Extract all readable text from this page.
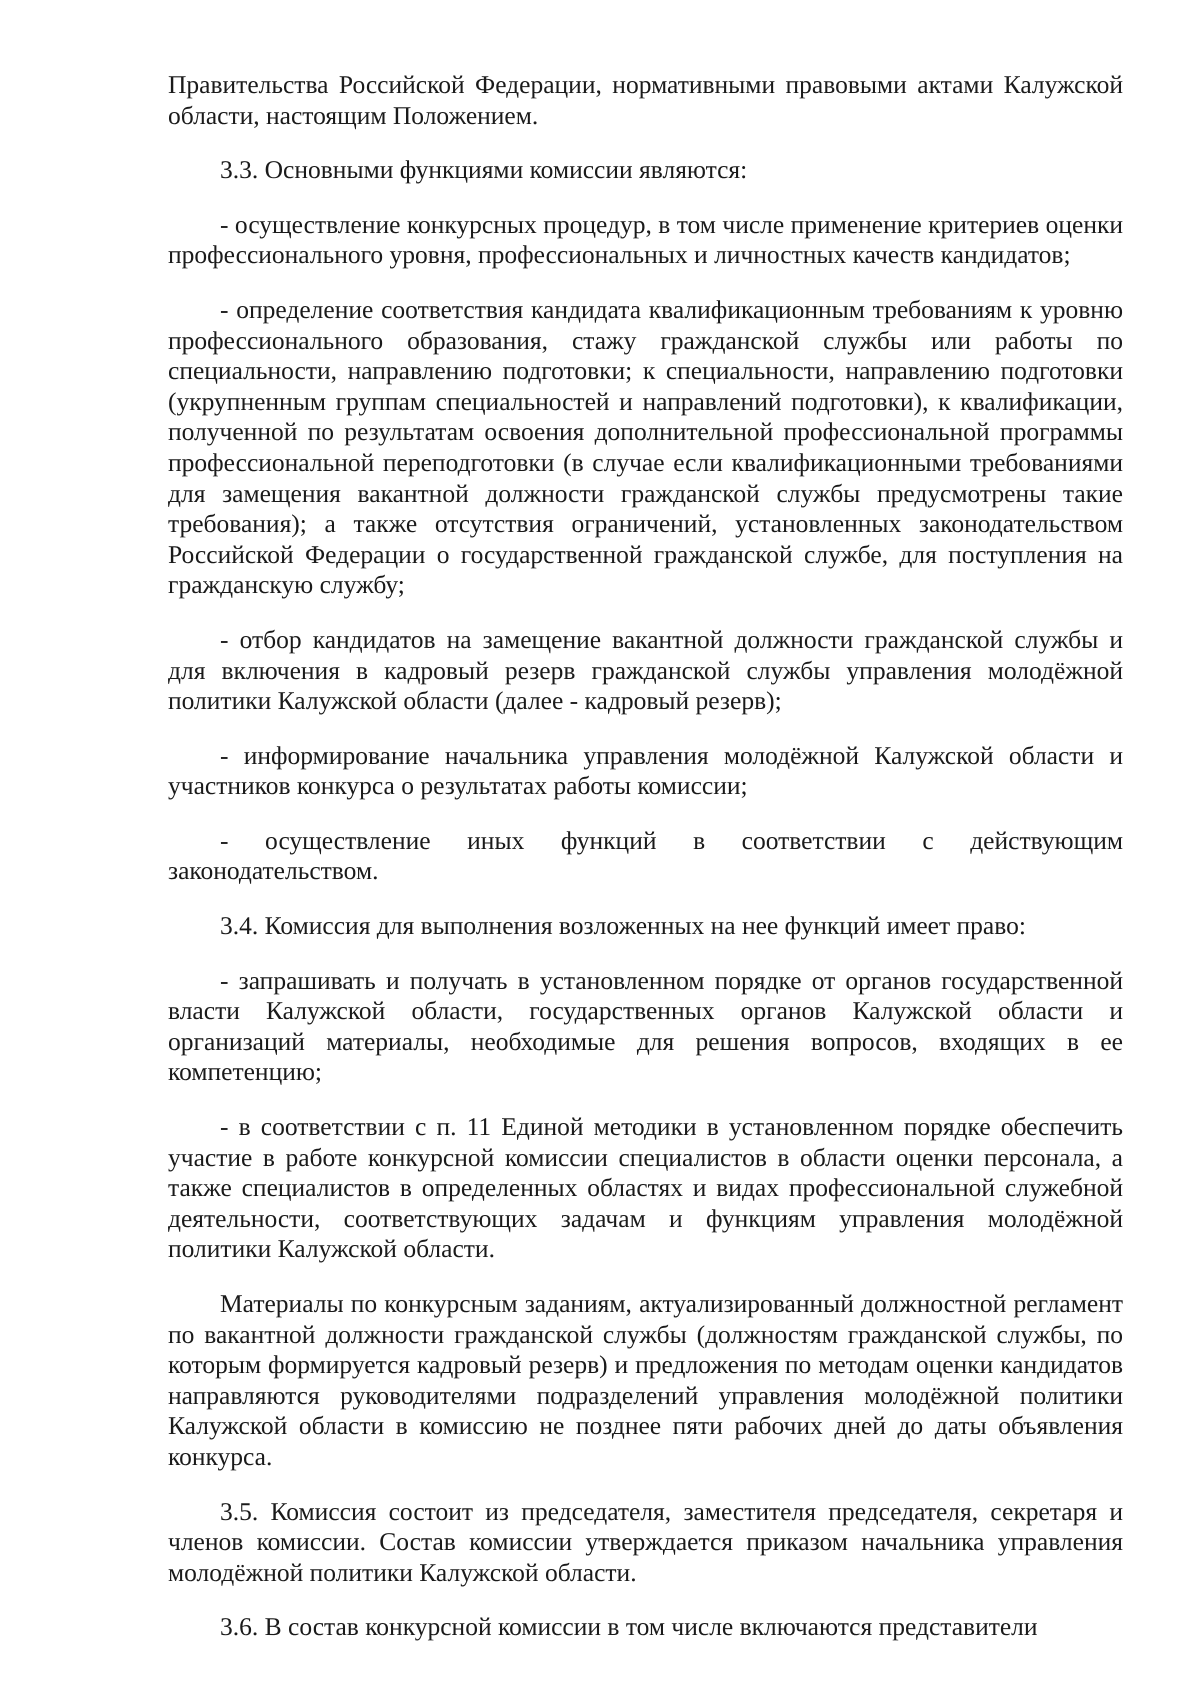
Правительства Российской Федерации, нормативными правовыми актами Калужской области, настоящим Положением.

3.3. Основными функциями комиссии являются:

- осуществление конкурсных процедур, в том числе применение критериев оценки профессионального уровня, профессиональных и личностных качеств кандидатов;

- определение соответствия кандидата квалификационным требованиям к уровню профессионального образования, стажу гражданской службы или работы по специальности, направлению подготовки; к специальности, направлению подготовки (укрупненным группам специальностей и направлений подготовки), к квалификации, полученной по результатам освоения дополнительной профессиональной программы профессиональной переподготовки (в случае если квалификационными требованиями для замещения вакантной должности гражданской службы предусмотрены такие требования); а также отсутствия ограничений, установленных законодательством Российской Федерации о государственной гражданской службе, для поступления на гражданскую службу;

- отбор кандидатов на замещение вакантной должности гражданской службы и для включения в кадровый резерв гражданской службы управления молодёжной политики Калужской области (далее - кадровый резерв);

- информирование начальника управления молодёжной Калужской области и участников конкурса о результатах работы комиссии;

- осуществление иных функций в соответствии с действующим законодательством.

3.4. Комиссия для выполнения возложенных на нее функций имеет право:

- запрашивать и получать в установленном порядке от органов государственной власти Калужской области, государственных органов Калужской области и организаций материалы, необходимые для решения вопросов, входящих в ее компетенцию;

- в соответствии с п. 11 Единой методики в установленном порядке обеспечить участие в работе конкурсной комиссии специалистов в области оценки персонала, а также специалистов в определенных областях и видах профессиональной служебной деятельности, соответствующих задачам и функциям управления молодёжной политики Калужской области.

Материалы по конкурсным заданиям, актуализированный должностной регламент по вакантной должности гражданской службы (должностям гражданской службы, по которым формируется кадровый резерв) и предложения по методам оценки кандидатов направляются руководителями подразделений управления молодёжной политики Калужской области в комиссию не позднее пяти рабочих дней до даты объявления конкурса.

3.5. Комиссия состоит из председателя, заместителя председателя, секретаря и членов комиссии. Состав комиссии утверждается приказом начальника управления молодёжной политики Калужской области.

3.6. В состав конкурсной комиссии в том числе включаются представители
